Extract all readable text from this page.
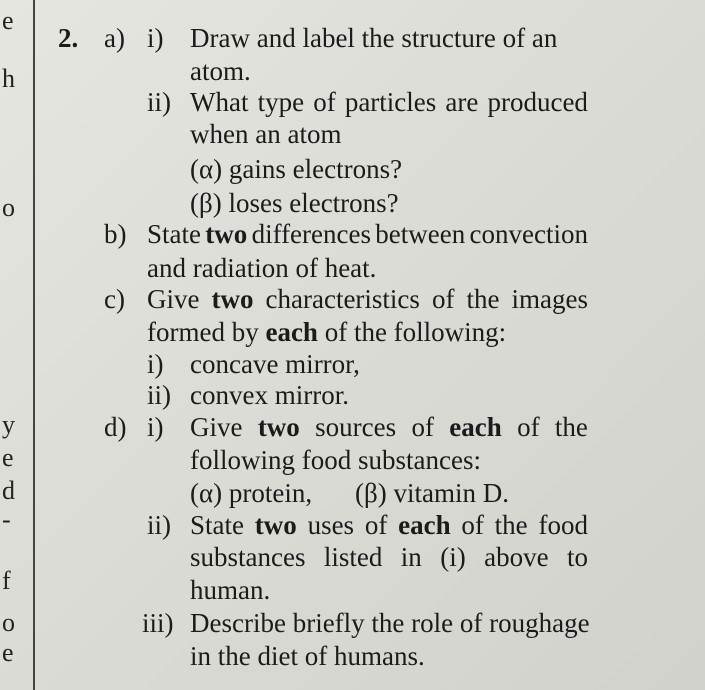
e
h
o
y
e
d
-
f
o
e
2. a) i) Draw and label the structure of an
atom.
ii) What type of particles are produced
when an atom
(α) gains electrons?
(β) loses electrons?
b) State two differences between convection
and radiation of heat.
c) Give two characteristics of the images
formed by each of the following:
i) concave mirror,
ii) convex mirror.
d) i) Give two sources of each of the
following food substances:
(α) protein, (β) vitamin D.
ii) State two uses of each of the food
substances listed in (i) above to
human.
iii) Describe briefly the role of roughage
in the diet of humans.
